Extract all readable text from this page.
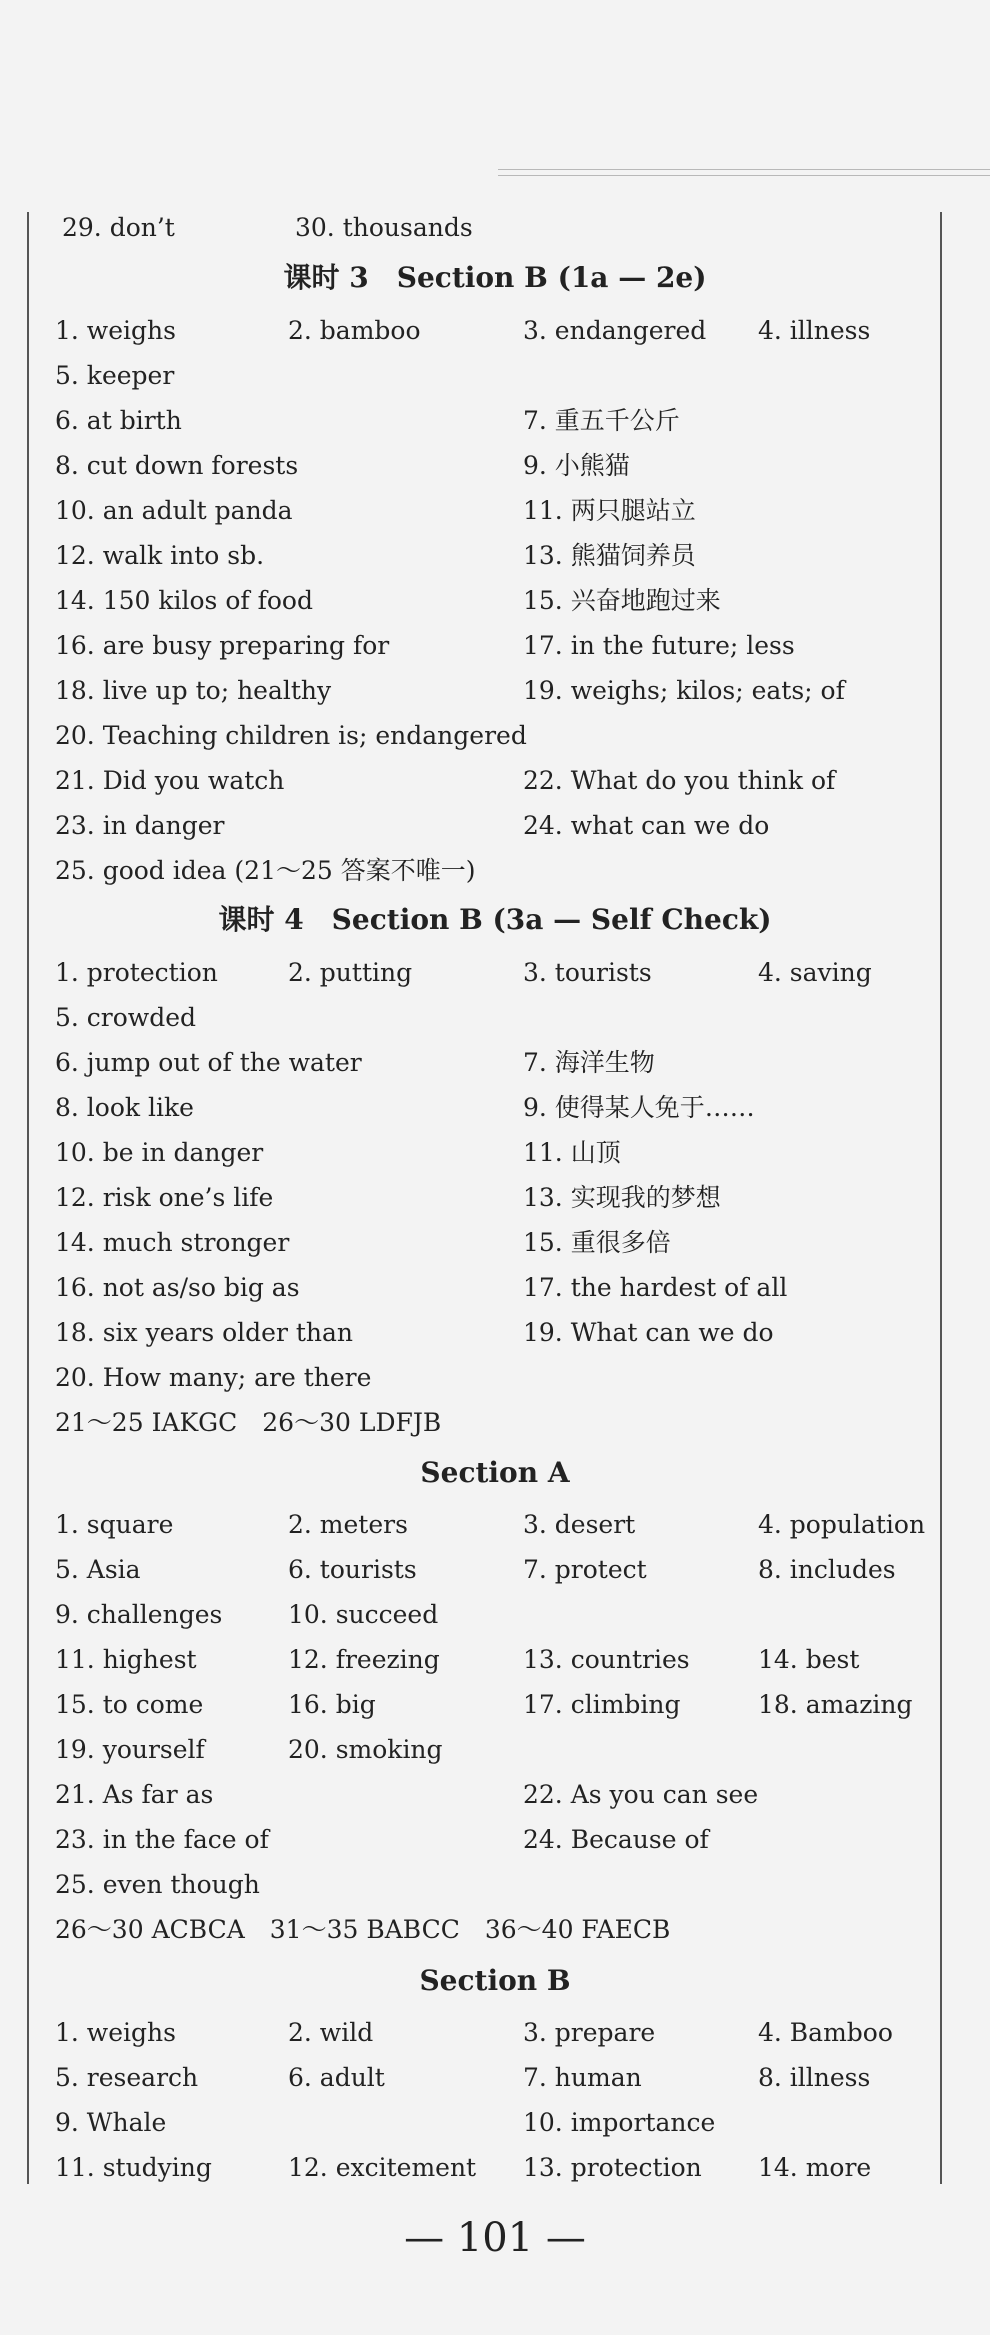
课时 3　Section B (1a — 2e)
课时 4　Section B (3a — Self Check)
Section A
Section B
29. don’t	30. thousands
1. weighs	2. bamboo	3. endangered 4. illness
5. keeper
6. at birth	7. 重五千公斤
8. cut down forests	9. 小熊猫
10. an adult panda	11. 两只腿站立
12. walk into sb.	13. 熊猫饲养员
14. 150 kilos of food	15. 兴奋地跑过来
16. are busy preparing for	17. in the future; less
18. live up to; healthy	19. weighs; kilos; eats; of
20. Teaching children is; endangered
21. Did you watch	22. What do you think of
23. in danger	24. what can we do
25. good idea (21～25 答案不唯一)
1. protection	2. putting	3. tourists	4. saving
5. crowded
6. jump out of the water	7. 海洋生物
8. look like	9. 使得某人免于……
10. be in danger	11. 山顶
12. risk one’s life	13. 实现我的梦想
14. much stronger	15. 重很多倍
16. not as/so big as	17. the hardest of all
18. six years older than	19. What can we do
20. How many; are there
21～25 IAKGC　26～30 LDFJB
1. square	2. meters	3. desert	4. population
5. Asia	6. tourists	7. protect	8. includes
9. challenges	10. succeed
11. highest	12. freezing	13. countries	14. best
15. to come	16. big	17. climbing	18. amazing
19. yourself	20. smoking
21. As far as	22. As you can see
23. in the face of	24. Because of
25. even though
26～30 ACBCA　31～35 BABCC　36～40 FAECB
1. weighs	2. wild	3. prepare	4. Bamboo
5. research	6. adult	7. human	8. illness
9. Whale	10. importance
11. studying	12. excitement 13. protection 14. more
— 101 —
